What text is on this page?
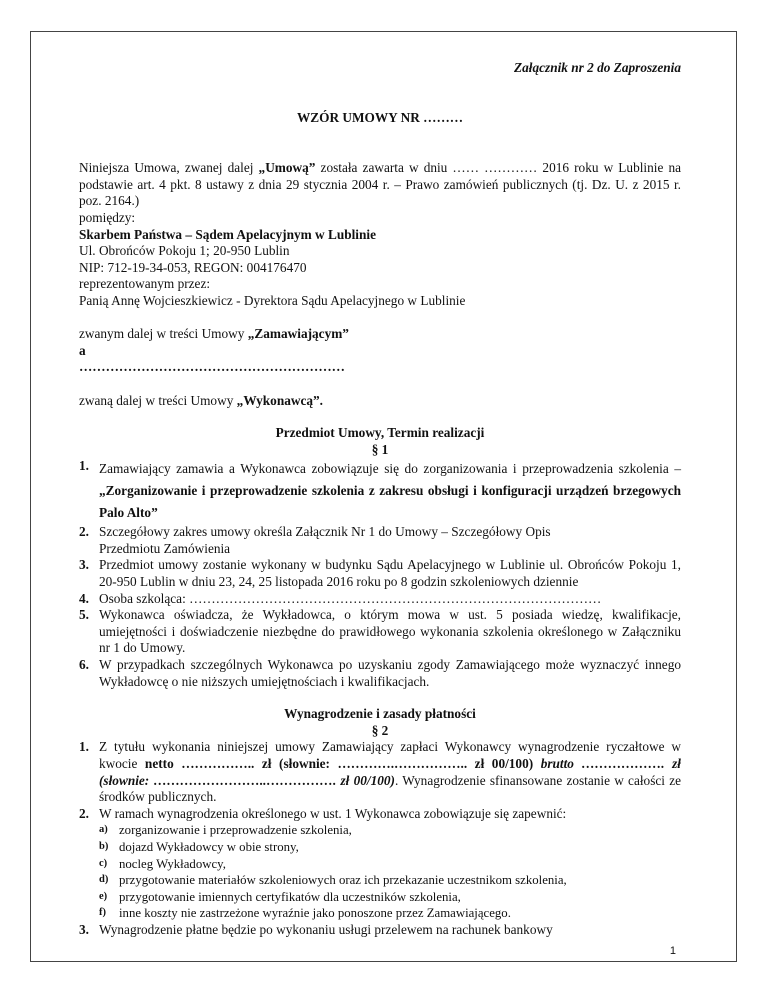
Załącznik nr 2 do Zaproszenia
WZÓR UMOWY NR ………
Niniejsza Umowa, zwanej dalej „Umową” została zawarta w dniu …… ………… 2016 roku w Lublinie na podstawie art. 4 pkt. 8 ustawy z dnia 29 stycznia 2004 r. – Prawo zamówień publicznych (tj. Dz. U. z 2015 r. poz. 2164.)

pomiędzy:

Skarbem Państwa – Sądem Apelacyjnym w Lublinie

Ul. Obrońców Pokoju 1; 20-950 Lublin

NIP: 712-19-34-053, REGON: 004176470

reprezentowanym przez:

Panią Annę Wojcieszkiewicz - Dyrektora Sądu Apelacyjnego w Lublinie

zwanym dalej w treści Umowy „Zamawiającym”

a

……………………………………………………

zwaną dalej w treści Umowy „Wykonawcą”.

Przedmiot Umowy, Termin realizacji
§ 1
1. Zamawiający zamawia a Wykonawca zobowiązuje się do zorganizowania i przeprowadzenia szkolenia – „Zorganizowanie i przeprowadzenie szkolenia z zakresu obsługi i konfiguracji urządzeń brzegowych Palo Alto”
2. Szczegółowy zakres umowy określa Załącznik Nr 1 do Umowy – Szczegółowy Opis
Przedmiotu Zamówienia
3. Przedmiot umowy zostanie wykonany w budynku Sądu Apelacyjnego w Lublinie ul. Obrońców Pokoju 1, 20-950 Lublin w dniu 23, 24, 25 listopada 2016 roku po 8 godzin szkoleniowych dziennie
4. Osoba szkoląca: …………………………………………………………………………………
5. Wykonawca oświadcza, że Wykładowca, o którym mowa w ust. 5 posiada wiedzę, kwalifikacje, umiejętności i doświadczenie niezbędne do prawidłowego wykonania szkolenia określonego w Załączniku nr 1 do Umowy.
6. W przypadkach szczególnych Wykonawca po uzyskaniu zgody Zamawiającego może wyznaczyć innego Wykładowcę o nie niższych umiejętnościach i kwalifikacjach.
Wynagrodzenie i zasady płatności
§ 2
1. Z tytułu wykonania niniejszej umowy Zamawiający zapłaci Wykonawcy wynagrodzenie ryczałtowe w kwocie netto …………….. zł (słownie: ………….…………….. zł 00/100) brutto ………………. zł (słownie: ……………………..……………. zł 00/100). Wynagrodzenie sfinansowane zostanie w całości ze środków publicznych.
2. W ramach wynagrodzenia określonego w ust. 1 Wykonawca zobowiązuje się zapewnić:
a) zorganizowanie i przeprowadzenie szkolenia,
b) dojazd Wykładowcy w obie strony,
c) nocleg Wykładowcy,
d) przygotowanie materiałów szkoleniowych oraz ich przekazanie uczestnikom szkolenia,
e) przygotowanie imiennych certyfikatów dla uczestników szkolenia,
f) inne koszty nie zastrzeżone wyraźnie jako ponoszone przez Zamawiającego.
3. Wynagrodzenie płatne będzie po wykonaniu usługi przelewem na rachunek bankowy
1
